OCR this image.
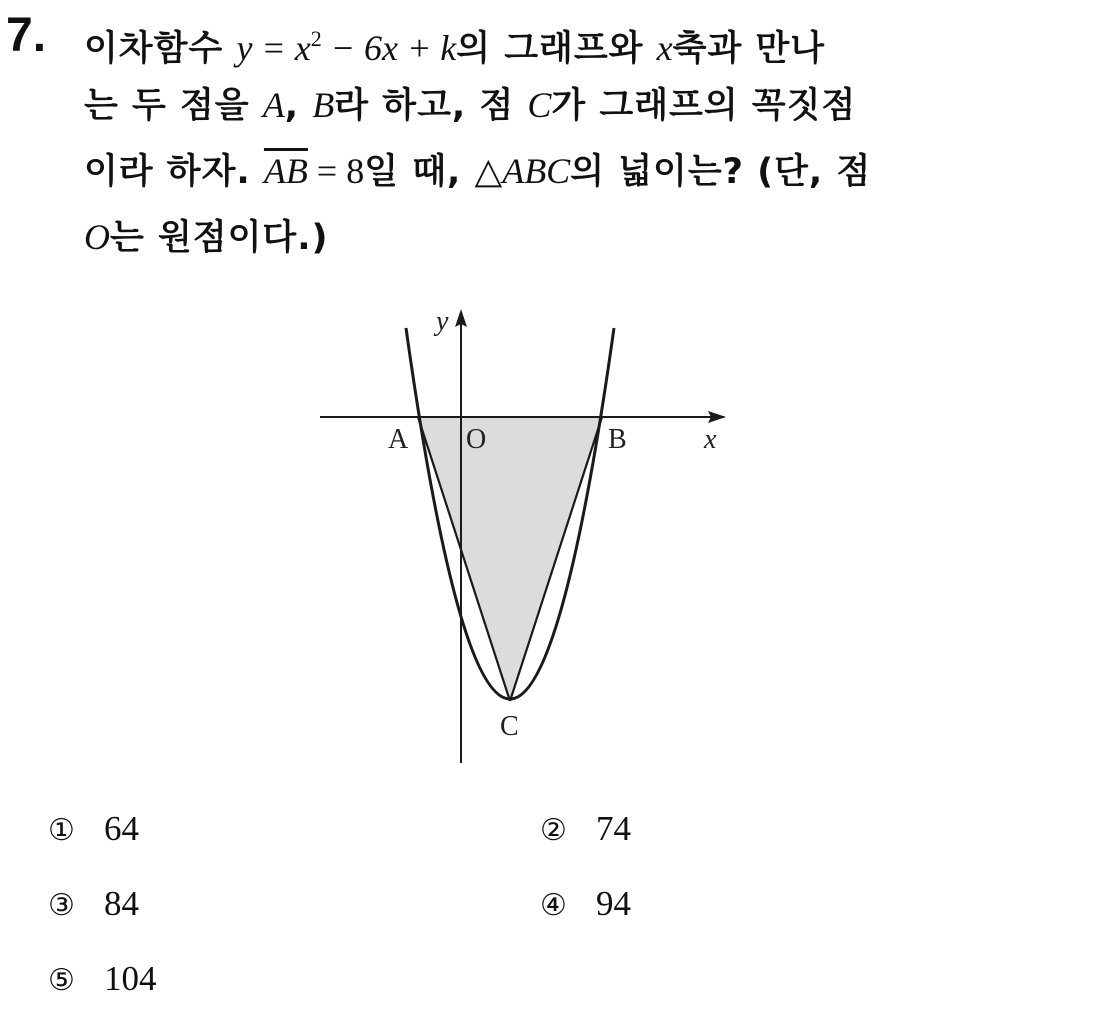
7. 이차함수 $y = x^2 - 6x + k$의 그래프와 x축과 만나
는 두 점을 A, B라 하고, 점 C가 그래프의 꼭짓점
이라 하자. $\overline{AB} = 8$일 때, △ABC의 넓이는? (단, 점
O는 원점이다.)
x
y
A O	B
C
① 64	② 74
③ 84	④ 94
⑤ 104
